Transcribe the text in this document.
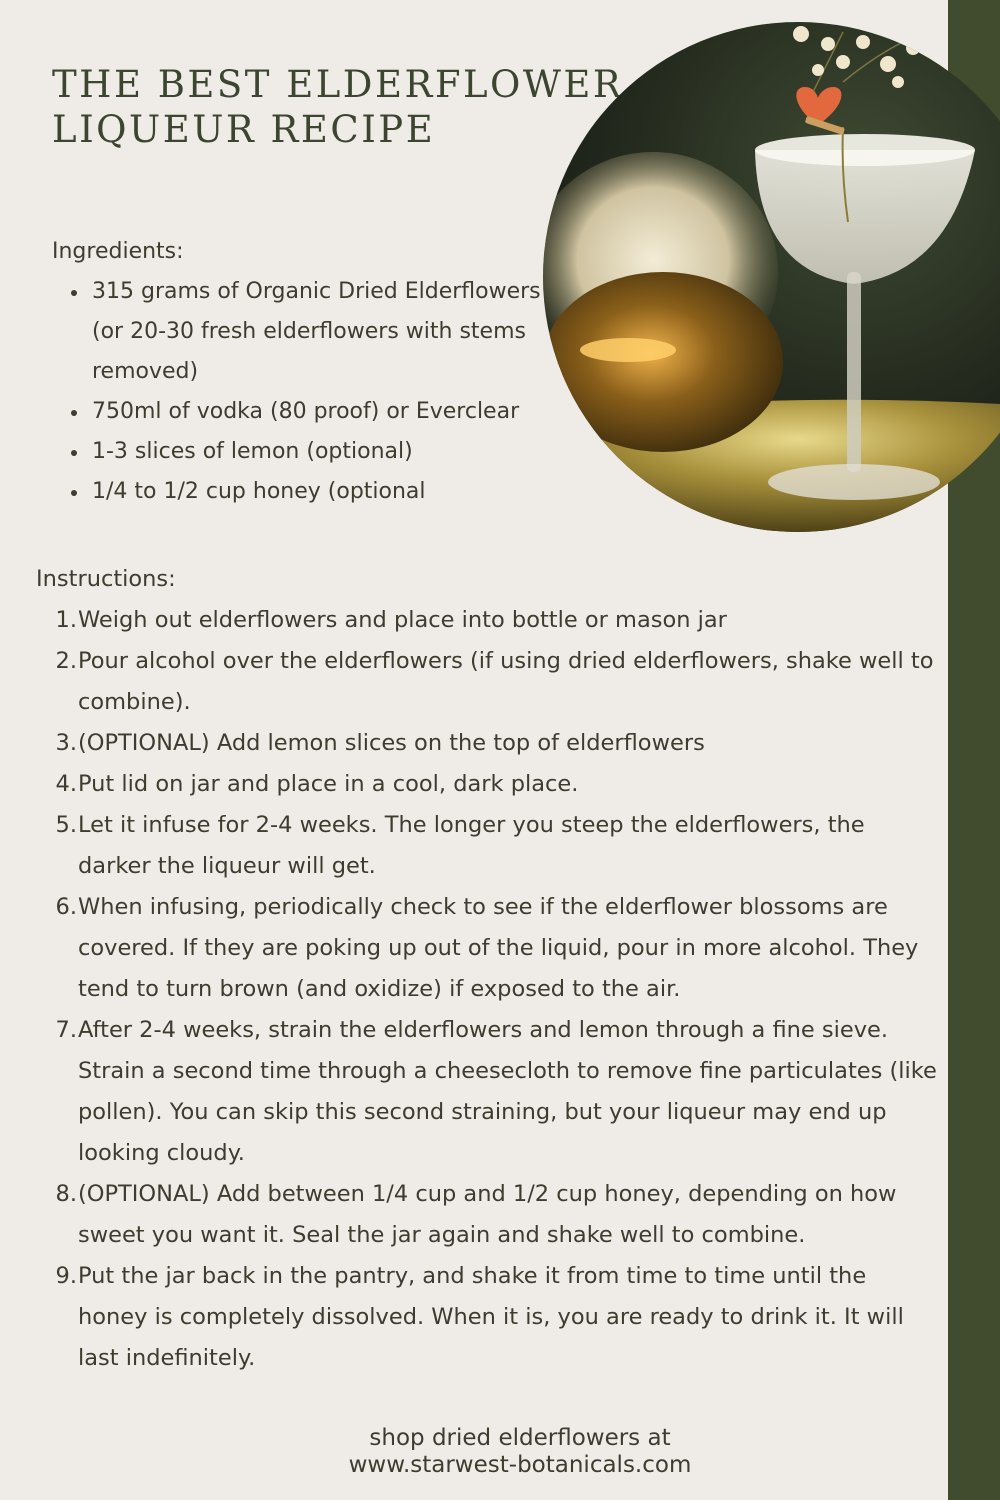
THE BEST ELDERFLOWER
LIQUEUR RECIPE
Ingredients:
315 grams of Organic Dried Elderflowers (or 20-30 fresh elderflowers with stems removed)
750ml of vodka (80 proof) or Everclear
1-3 slices of lemon (optional)
1/4 to 1/2 cup honey (optional
Instructions:
1. Weigh out elderflowers and place into bottle or mason jar
2. Pour alcohol over the elderflowers (if using dried elderflowers, shake well to combine).
3. (OPTIONAL) Add lemon slices on the top of elderflowers
4. Put lid on jar and place in a cool, dark place.
5. Let it infuse for 2-4 weeks. The longer you steep the elderflowers, the darker the liqueur will get.
6. When infusing, periodically check to see if the elderflower blossoms are covered. If they are poking up out of the liquid, pour in more alcohol. They tend to turn brown (and oxidize) if exposed to the air.
7. After 2-4 weeks, strain the elderflowers and lemon through a fine sieve. Strain a second time through a cheesecloth to remove fine particulates (like pollen). You can skip this second straining, but your liqueur may end up looking cloudy.
8. (OPTIONAL) Add between 1/4 cup and 1/2 cup honey, depending on how sweet you want it. Seal the jar again and shake well to combine.
9. Put the jar back in the pantry, and shake it from time to time until the honey is completely dissolved. When it is, you are ready to drink it. It will last indefinitely.
shop dried elderflowers at
www.starwest-botanicals.com
